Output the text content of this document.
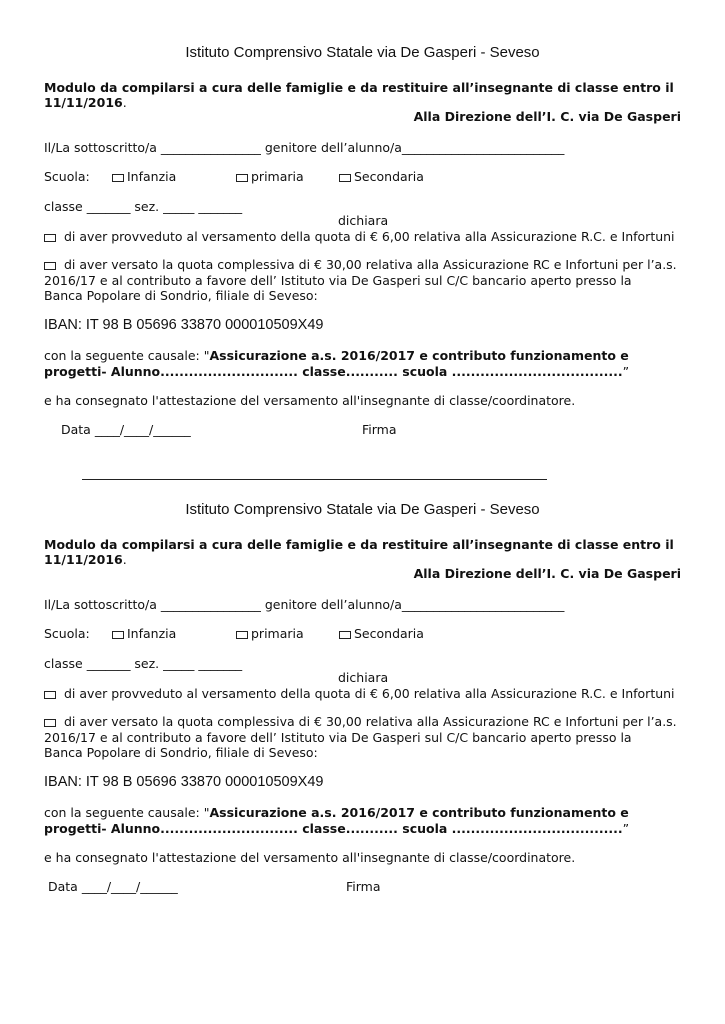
Istituto Comprensivo Statale via De Gasperi - Seveso
Modulo da compilarsi a cura delle famiglie e da restituire all’insegnante di classe entro il
11/11/2016.
Alla Direzione dell’I. C. via De Gasperi
Il/La sottoscritto/a ________________ genitore dell’alunno/a__________________________
Scuola:	Infanzia	primaria	Secondaria
classe _______ sez. _____ _______
dichiara
di aver provveduto al versamento della quota di € 6,00 relativa alla Assicurazione R.C. e Infortuni
di aver versato la quota complessiva di € 30,00 relativa alla Assicurazione RC e Infortuni per l’a.s.
2016/17 e al contributo a favore dell’ Istituto via De Gasperi sul C/C bancario aperto presso la
Banca Popolare di Sondrio, filiale di Seveso:
IBAN: IT 98 B 05696 33870 000010509X49
con la seguente causale: "Assicurazione a.s. 2016/2017 e contributo funzionamento e
progetti- Alunno............................. classe........... scuola ....................................”
e ha consegnato l'attestazione del versamento all'insegnante di classe/coordinatore.
Data ____/____/______	Firma
Istituto Comprensivo Statale via De Gasperi - Seveso
Modulo da compilarsi a cura delle famiglie e da restituire all’insegnante di classe entro il
11/11/2016.
Alla Direzione dell’I. C. via De Gasperi
Il/La sottoscritto/a ________________ genitore dell’alunno/a__________________________
Scuola:	Infanzia	primaria	Secondaria
classe _______ sez. _____ _______
dichiara
di aver provveduto al versamento della quota di € 6,00 relativa alla Assicurazione R.C. e Infortuni
di aver versato la quota complessiva di € 30,00 relativa alla Assicurazione RC e Infortuni per l’a.s.
2016/17 e al contributo a favore dell’ Istituto via De Gasperi sul C/C bancario aperto presso la
Banca Popolare di Sondrio, filiale di Seveso:
IBAN: IT 98 B 05696 33870 000010509X49
con la seguente causale: "Assicurazione a.s. 2016/2017 e contributo funzionamento e
progetti- Alunno............................. classe........... scuola ....................................”
e ha consegnato l'attestazione del versamento all'insegnante di classe/coordinatore.
Data ____/____/______	Firma
